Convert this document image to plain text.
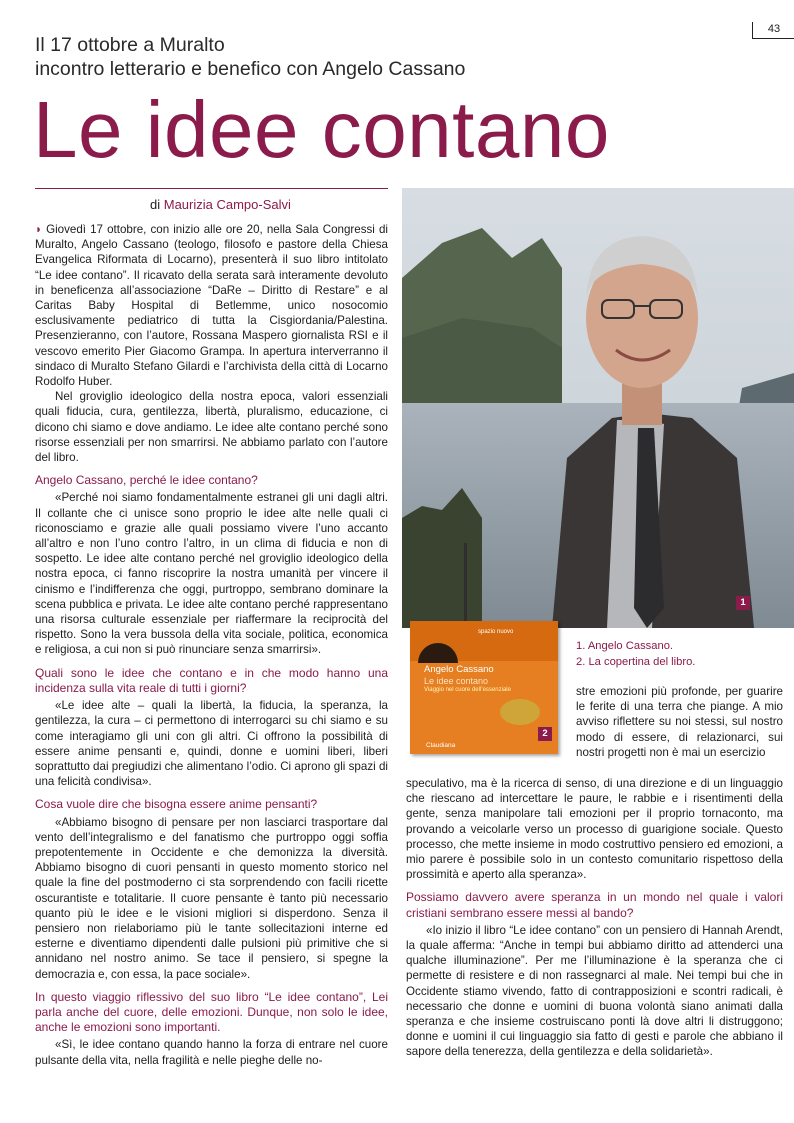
43
Il 17 ottobre a Muralto
incontro letterario e benefico con Angelo Cassano
Le idee contano
di Maurizia Campo-Salvi

◗ Giovedì 17 ottobre, con inizio alle ore 20, nella Sala Congressi di Muralto, Angelo Cassano (teologo, filosofo e pastore della Chiesa Evangelica Riformata di Locarno), presenterà il suo libro intitolato “Le idee contano”. Il ricavato della serata sarà interamente devoluto in beneficenza all’associazione “DaRe – Diritto di Restare” e al Caritas Baby Hospital di Betlemme, unico nosocomio esclusivamente pediatrico di tutta la Cisgiordania/Palestina. Presenzieranno, con l’autore, Rossana Maspero giornalista RSI e il vescovo emerito Pier Giacomo Grampa. In apertura interverranno il sindaco di Muralto Stefano Gilardi e l’archivista della città di Locarno Rodolfo Huber.

Nel groviglio ideologico della nostra epoca, valori essenziali quali fiducia, cura, gentilezza, libertà, pluralismo, educazione, ci dicono chi siamo e dove andiamo. Le idee alte contano perché sono risorse essenziali per non smarrirsi. Ne abbiamo parlato con l’autore del libro.

Angelo Cassano, perché le idee contano?

«Perché noi siamo fondamentalmente estranei gli uni dagli altri. Il collante che ci unisce sono proprio le idee alte nelle quali ci riconosciamo e grazie alle quali possiamo vivere l’uno accanto all’altro e non l’uno contro l’altro, in un clima di fiducia e non di sospetto. Le idee alte contano perché nel groviglio ideologico della nostra epoca, ci fanno riscoprire la nostra umanità per vincere il cinismo e l’indifferenza che oggi, purtroppo, sembrano dominare la scena pubblica e privata. Le idee alte contano perché rappresentano una risorsa culturale essenziale per riaffermare la reciprocità del rispetto. Sono la vera bussola della vita sociale, politica, economica e religiosa, a cui non si può rinunciare senza smarrirsi».

Quali sono le idee che contano e in che modo hanno una incidenza sulla vita reale di tutti i giorni?

«Le idee alte – quali la libertà, la fiducia, la speranza, la gentilezza, la cura – ci permettono di interrogarci su chi siamo e su come interagiamo gli uni con gli altri. Ci offrono la possibilità di essere anime pensanti e, quindi, donne e uomini liberi, liberi soprattutto dai pregiudizi che alimentano l’odio. Ci aprono gli spazi di una felicità condivisa».

Cosa vuole dire che bisogna essere anime pensanti?

«Abbiamo bisogno di pensare per non lasciarci trasportare dal vento dell’integralismo e del fanatismo che purtroppo oggi soffia prepotentemente in Occidente e che demonizza la diversità. Abbiamo bisogno di cuori pensanti in questo momento storico nel quale la fine del postmoderno ci sta sorprendendo con facili ricette oscurantiste e totalitarie. Il cuore pensante è tanto più necessario quanto più le idee e le visioni migliori si disperdono. Senza il pensiero non rielaboriamo più le tante sollecitazioni interne ed esterne e diventiamo dipendenti dalle pulsioni più primitive che si annidano nel nostro animo. Se tace il pensiero, si spegne la democrazia e, con essa, la pace sociale».

In questo viaggio riflessivo del suo libro “Le idee contano”, Lei parla anche del cuore, delle emozioni. Dunque, non solo le idee, anche le emozioni sono importanti.

«Sì, le idee contano quando hanno la forza di entrare nel cuore pulsante della vita, nella fragilità e nelle pieghe delle no-

1
spazio nuovo
Angelo Cassano
Le idee contano
Viaggio nel cuore dell’essenziale
Claudiana
2
1. Angelo Cassano.
2. La copertina del libro.

stre emozioni più profonde, per guarire le ferite di una terra che piange. A mio avviso riflettere su noi stessi, sul nostro modo di essere, di relazionarci, sui nostri progetti non è mai un esercizio

speculativo, ma è la ricerca di senso, di una direzione e di un linguaggio che riescano ad intercettare le paure, le rabbie e i risentimenti della gente, senza manipolare tali emozioni per il proprio tornaconto, ma provando a veicolarle verso un processo di guarigione sociale. Questo processo, che mette insieme in modo costruttivo pensiero ed emozioni, a mio parere è possibile solo in un contesto comunitario rispettoso della prossimità e aperto alla speranza».

Possiamo davvero avere speranza in un mondo nel quale i valori cristiani sembrano essere messi al bando?

«Io inizio il libro “Le idee contano” con un pensiero di Hannah Arendt, la quale afferma: “Anche in tempi bui abbiamo diritto ad attenderci una qualche illuminazione”. Per me l’illuminazione è la speranza che ci permette di resistere e di non rassegnarci al male. Nei tempi bui che in Occidente stiamo vivendo, fatto di contrapposizioni e scontri radicali, è necessario che donne e uomini di buona volontà siano animati dalla speranza e che insieme costruiscano ponti là dove altri li distruggono; donne e uomini il cui linguaggio sia fatto di gesti e parole che abbiano il sapore della tenerezza, della gentilezza e della solidarietà».
